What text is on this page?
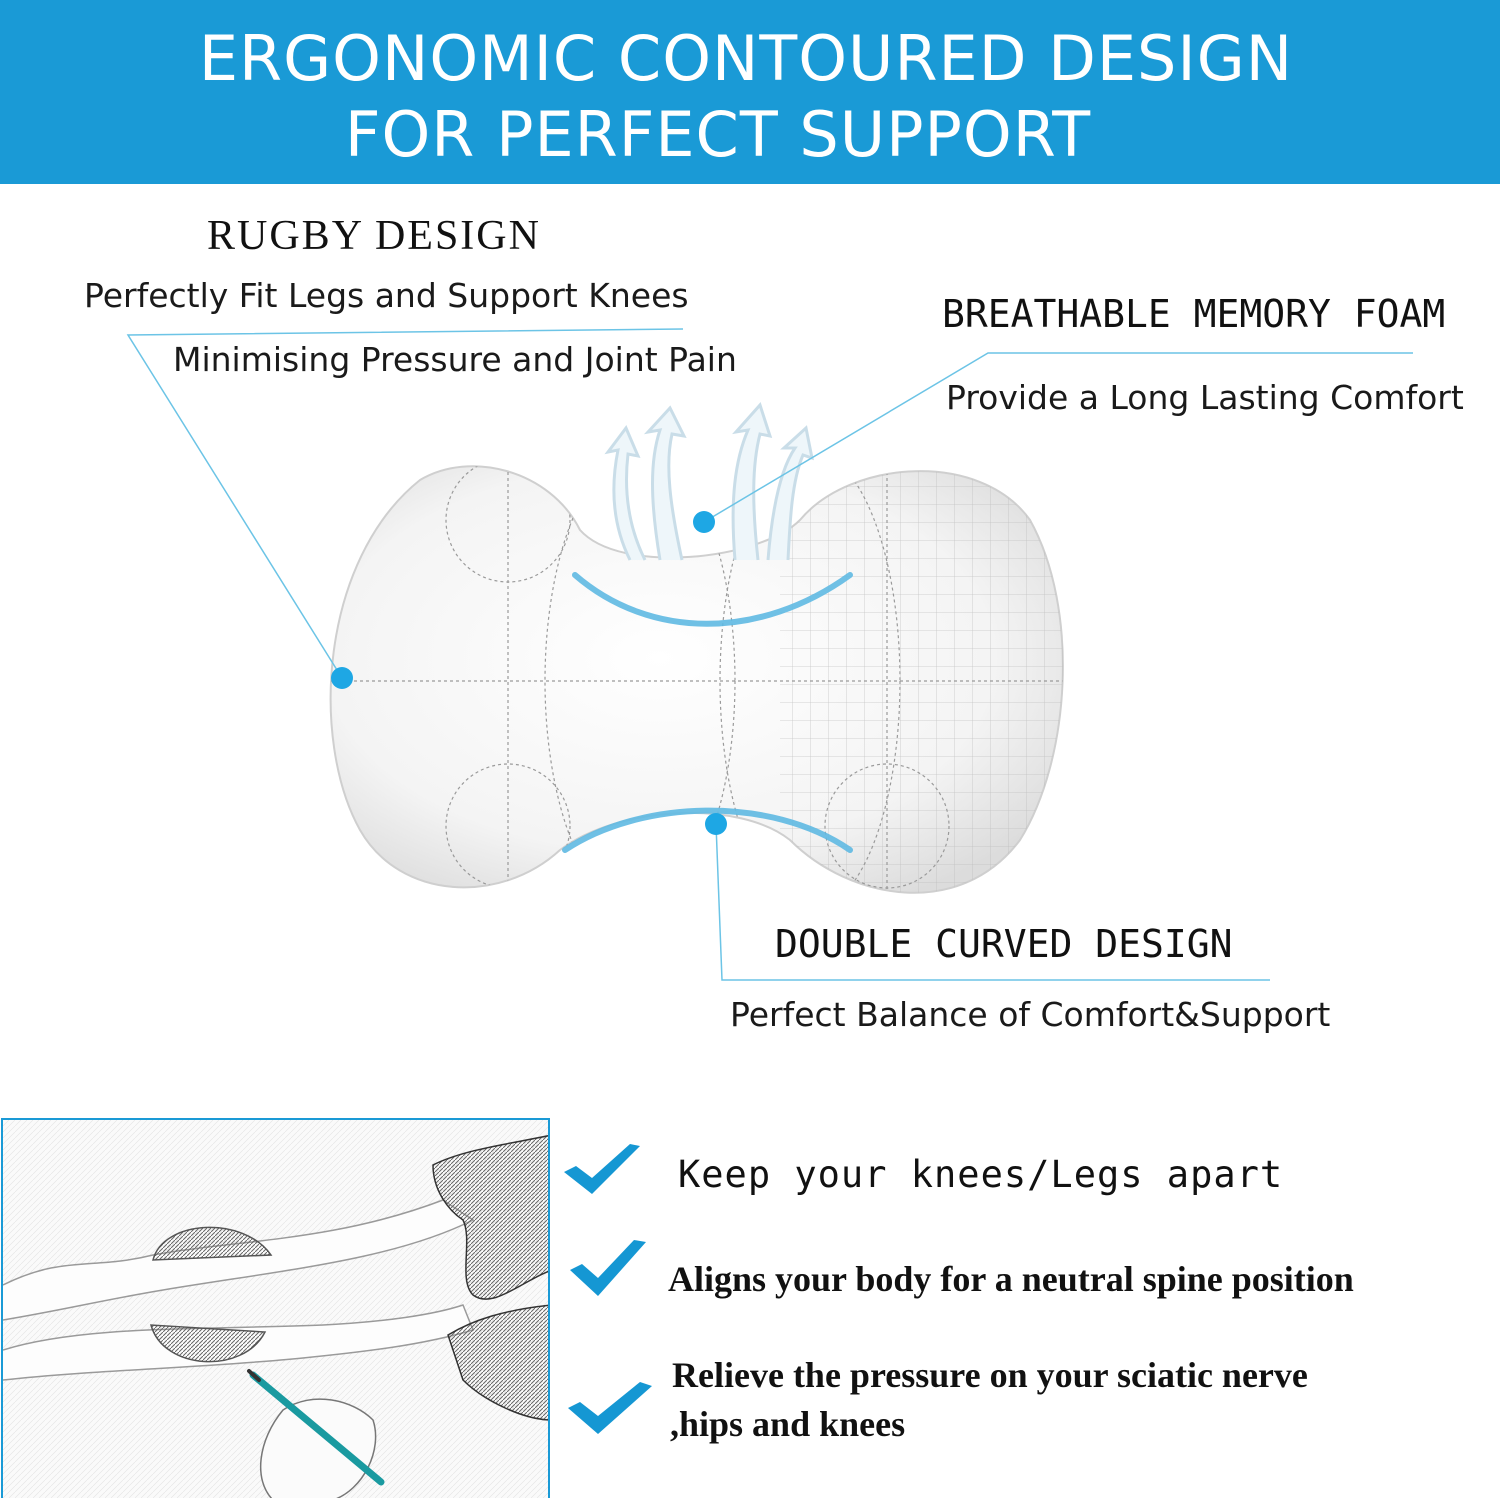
ERGONOMIC CONTOURED DESIGN
FOR PERFECT SUPPORT
RUGBY DESIGN
Perfectly Fit Legs and Support Knees
Minimising Pressure and Joint Pain
BREATHABLE MEMORY FOAM
Provide a Long Lasting Comfort
DOUBLE CURVED DESIGN
Perfect Balance of Comfort&Support
Keep your knees/Legs apart
Aligns your body for a neutral spine position
Relieve the pressure on your sciatic nerve
,hips and knees
